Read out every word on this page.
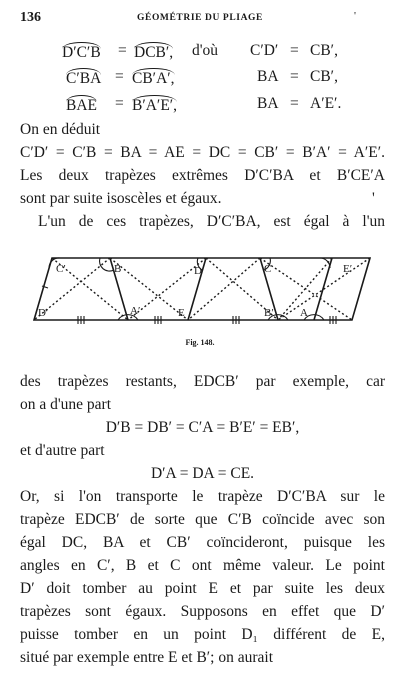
136	GÉOMÉTRIE DU PLIAGE	'
D′C′B = DCB′, d'où C′D′ = CB′,
C′BA = CB′A′,	BA = CB′,
BAE = B′A′E′,	BA = A′E′.
On en déduit
C′D′ = C′B = BA = AE = DC = CB′ = B′A′ = A′E′.
Les deux trapèzes extrêmes D′C′BA et B′CE′A
sont par suite isoscèles et égaux.	'
L'un de ces trapèzes, D′C′BA, est égal à l'un
C′
D′
B
A′
D
E
C
B′ A
E′
Fig. 148.
des trapèzes restants, EDCB′ par exemple, car
on a d'une part
D′B = DB′ = C′A = B′E′ = EB′,
et d'autre part
D′A = DA = CE.
Or, si l'on transporte le trapèze D′C′BA sur le
trapèze EDCB′ de sorte que C′B coïncide avec son
égal DC, BA et CB′ coïncideront, puisque les
angles en C′, B et C ont même valeur. Le point
D′ doit tomber au point E et par suite les deux
trapèzes sont égaux. Supposons en effet que D′
puisse tomber en un point D₁ différent de E,
situé par exemple entre E et B′; on aurait
